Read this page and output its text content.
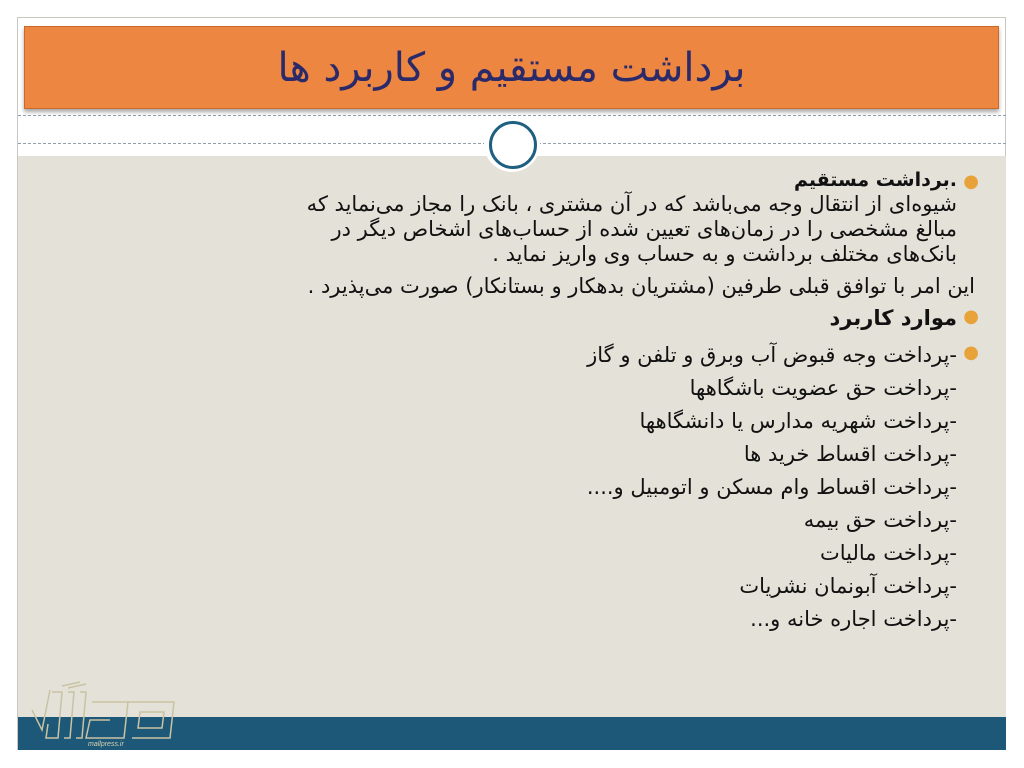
برداشت مستقیم و کاربرد ها
●
.برداشت مستقیم
شیوه‌ای از انتقال وجه می‌باشد که در آن مشتری ، بانک را مجاز می‌نماید که
مبالغ مشخصی را در زمان‌های تعیین شده از حساب‌های اشخاص دیگر در
بانک‌های مختلف برداشت و به حساب وی واریز نماید .
این امر با توافق قبلی طرفین (مشتریان بدهکار و بستانکار) صورت می‌پذیرد .
●
موارد کاربرد
●
-پرداخت وجه قبوض آب وبرق و تلفن و گاز
-پرداخت حق عضویت باشگاهها
-پرداخت شهریه مدارس یا دانشگاهها
-پرداخت اقساط خرید ها
-پرداخت اقساط وام مسکن و اتومبیل و....
-پرداخت حق بیمه
-پرداخت مالیات
-پرداخت آبونمان نشریات
-پرداخت اجاره خانه و...
mallpress.ir
